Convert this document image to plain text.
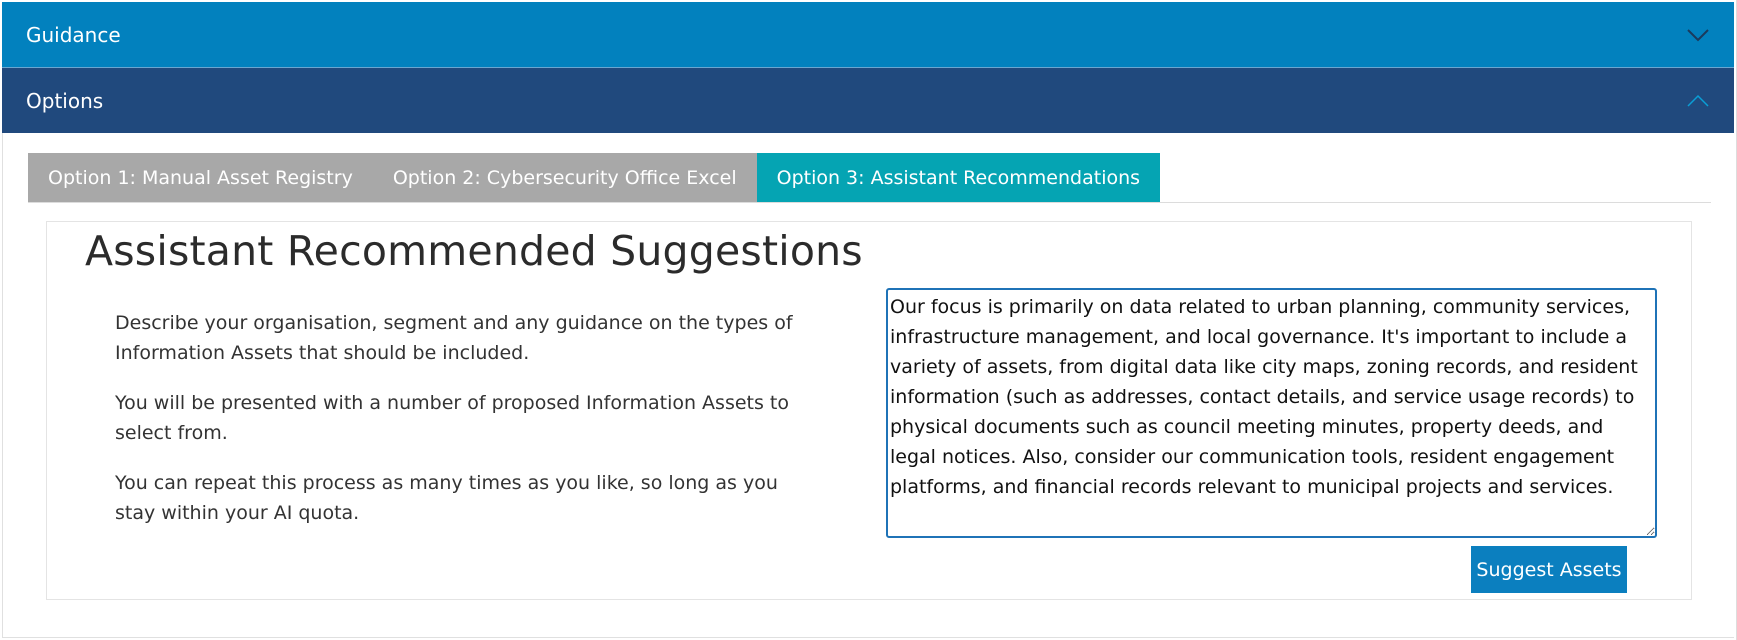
Guidance
Options
Option 1: Manual Asset Registry	Option 2: Cybersecurity Office Excel	Option 3: Assistant Recommendations
Assistant Recommended Suggestions

Describe your organisation, segment and any guidance on the types of Information Assets that should be included.

You will be presented with a number of proposed Information Assets to select from.

You can repeat this process as many times as you like, so long as you stay within your AI quota.

Our focus is primarily on data related to urban planning, community services, infrastructure management, and local governance. It's important to include a variety of assets, from digital data like city maps, zoning records, and resident information (such as addresses, contact details, and service usage records) to physical documents such as council meeting minutes, property deeds, and legal notices. Also, consider our communication tools, resident engagement platforms, and financial records relevant to municipal projects and services.
Suggest Assets
